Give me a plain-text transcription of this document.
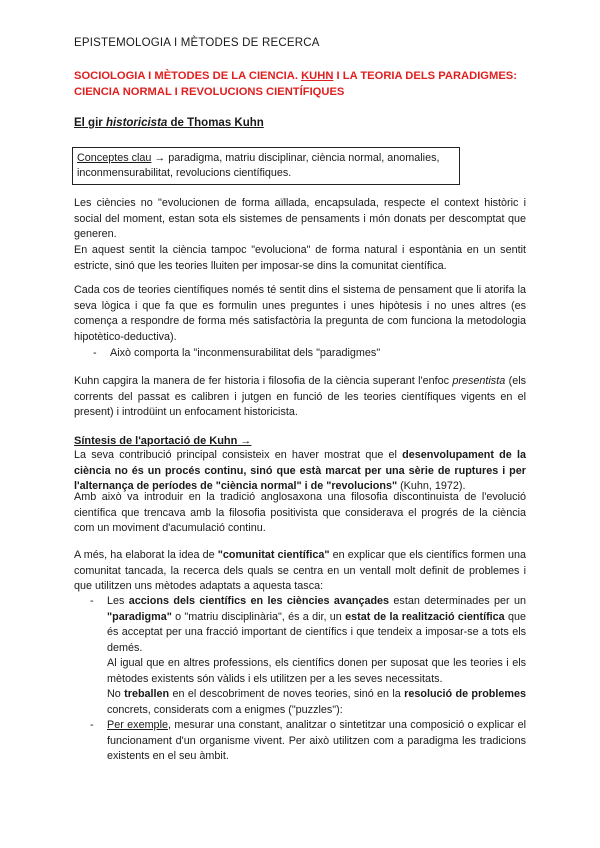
EPISTEMOLOGIA I MÈTODES DE RECERCA
SOCIOLOGIA I MÈTODES DE LA CIENCIA. KUHN I LA TEORIA DELS PARADIGMES: CIENCIA NORMAL I REVOLUCIONS CIENTÍFIQUES
El gir historicista de Thomas Kuhn
Conceptes clau → paradigma, matriu disciplinar, ciència normal, anomalies, inconmensurabilitat, revolucions científiques.

Les ciències no "evolucionen de forma aïllada, encapsulada, respecte el context històric i social del moment, estan sota els sistemes de pensaments i món donats per descomptat que generen.

En aquest sentit la ciència tampoc "evoluciona" de forma natural i espontània en un sentit estricte, sinó que les teories lluiten per imposar-se dins la comunitat científica.

Cada cos de teories científiques només té sentit dins el sistema de pensament que li atorifa la seva lògica i que fa que es formulin unes preguntes i unes hipòtesis i no unes altres (es comença a respondre de forma més satisfactòria la pregunta de com funciona la metodologia hipotètico-deductiva).

- Això comporta la "inconmensurabilitat dels "paradigmes"

Kuhn capgira la manera de fer historia i filosofia de la ciència superant l'enfoc presentista (els corrents del passat es calibren i jutgen en funció de les teories científiques vigents en el present) i introdüint un enfocament historicista.

Síntesis de l'aportació de Kuhn →

La seva contribució principal consisteix en haver mostrat que el desenvolupament de la ciència no és un procés continu, sinó que està marcat per una sèrie de ruptures i per l'alternança de períodes de "ciència normal" i de "revolucions" (Kuhn, 1972).

Amb això va introduir en la tradició anglosaxona una filosofia discontinuista de l'evolució científica que trencava amb la filosofia positivista que considerava el progrés de la ciència com un moviment d'acumulació continu.

A més, ha elaborat la idea de "comunitat científica" en explicar que els científics formen una comunitat tancada, la recerca dels quals se centra en un ventall molt definit de problemes i que utilitzen uns mètodes adaptats a aquesta tasca:

- Les accions dels científics en les ciències avançades estan determinades per un "paradigma" o "matriu disciplinària", és a dir, un estat de la realització científica que és acceptat per una fracció important de científics i que tendeix a imposar-se a tots els demés.

Al igual que en altres professions, els científics donen per suposat que les teories i els mètodes existents són vàlids i els utilitzen per a les seves necessitats.

No treballen en el descobriment de noves teories, sinó en la resolució de problemes concrets, considerats com a enigmes ("puzzles"):

- Per exemple, mesurar una constant, analitzar o sintetitzar una composició o explicar el funcionament d'un organisme vivent. Per això utilitzen com a paradigma les tradicions existents en el seu àmbit.
